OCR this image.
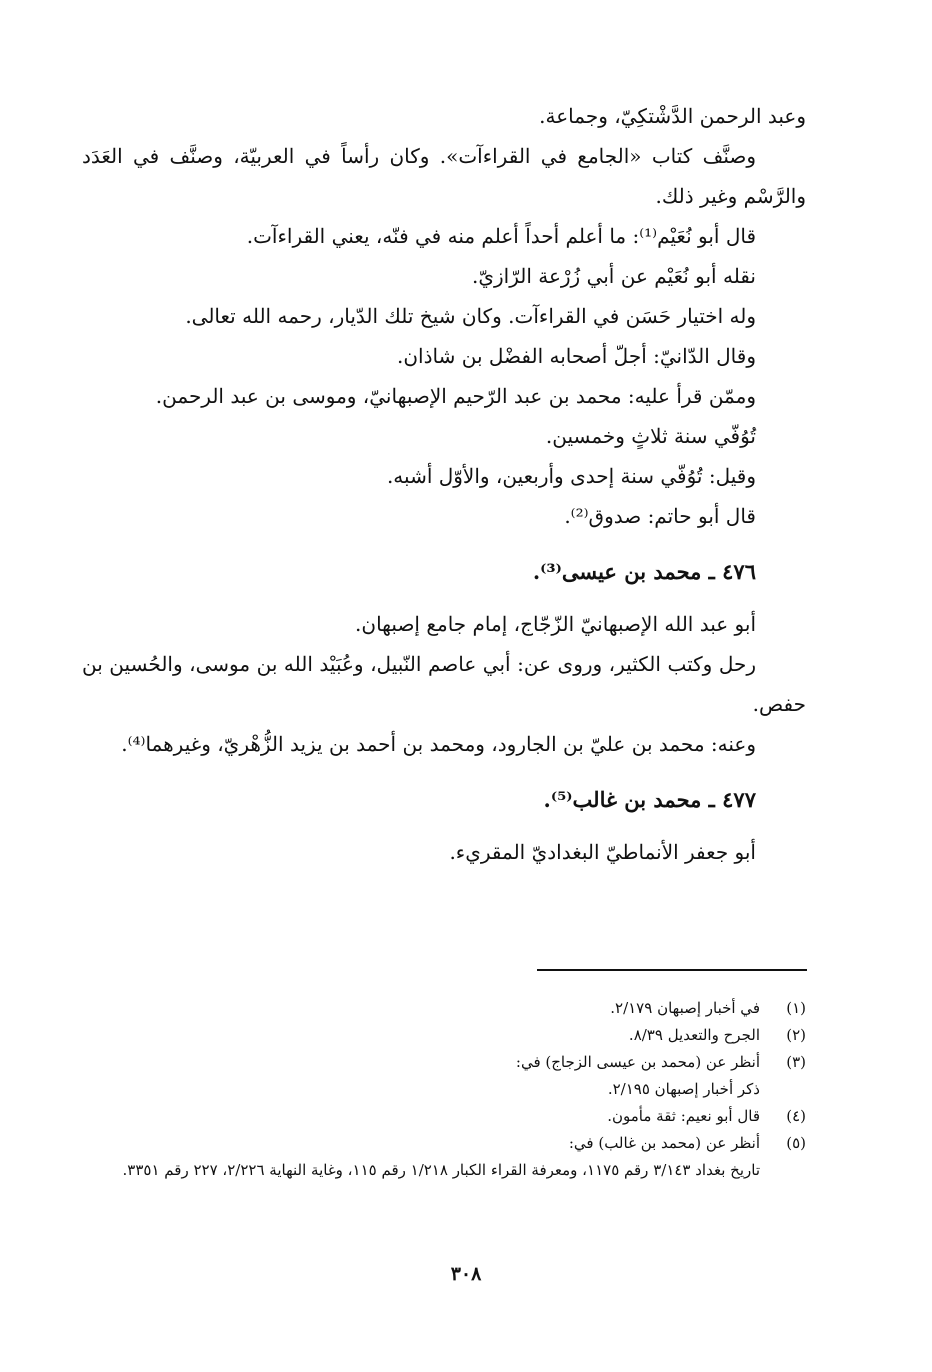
وعبد الرحمن الدَّشْتكِيّ، وجماعة.

وصنَّف كتاب «الجامع في القراءآت». وكان رأساً في العربيّة، وصنَّف في العَدَد والرَّسْم وغير ذلك.

قال أبو نُعَيْم⁽¹⁾: ما أعلم أحداً أعلم منه في فنّه، يعني القراءآت.

نقله أبو نُعَيْم عن أبي زُرْعة الرّازيّ.

وله اختيار حَسَن في القراءآت. وكان شيخ تلك الدّيار، رحمه الله تعالى.

وقال الدّانيّ: أجلّ أصحابه الفضْل بن شاذان.

وممّن قرأ عليه: محمد بن عبد الرّحيم الإصبهانيّ، وموسى بن عبد الرحمن.

تُوُفّي سنة ثلاثٍ وخمسين.

وقيل: تُوُفّي سنة إحدى وأربعين، والأوّل أشبه.

قال أبو حاتم: صدوق⁽²⁾.

٤٧٦ ـ محمد بن عيسى⁽³⁾.

أبو عبد الله الإصبهانيّ الزّجّاج، إمام جامع إصبهان.

رحل وكتب الكثير، وروى عن: أبي عاصم النّبيل، وعُبَيْد الله بن موسى، والحُسين بن حفص.

وعنه: محمد بن عليّ بن الجارود، ومحمد بن أحمد بن يزيد الزُّهْريّ، وغيرهما⁽⁴⁾.

٤٧٧ ـ محمد بن غالب⁽⁵⁾.

أبو جعفر الأنماطيّ البغداديّ المقريء.

(١)

في أخبار إصبهان ٢/١٧٩.

(٢)

الجرح والتعديل ٨/٣٩.

(٣)

أنظر عن (محمد بن عيسى الزجاج) في:

ذكر أخبار إصبهان ٢/١٩٥.

(٤)

قال أبو نعيم: ثقة مأمون.

(٥)

أنظر عن (محمد بن غالب) في:

تاريخ بغداد ٣/١٤٣ رقم ١١٧٥، ومعرفة القراء الكبار ١/٢١٨ رقم ١١٥، وغاية النهاية ٢/٢٢٦، ٢٢٧ رقم ٣٣٥١.

٣٠٨
